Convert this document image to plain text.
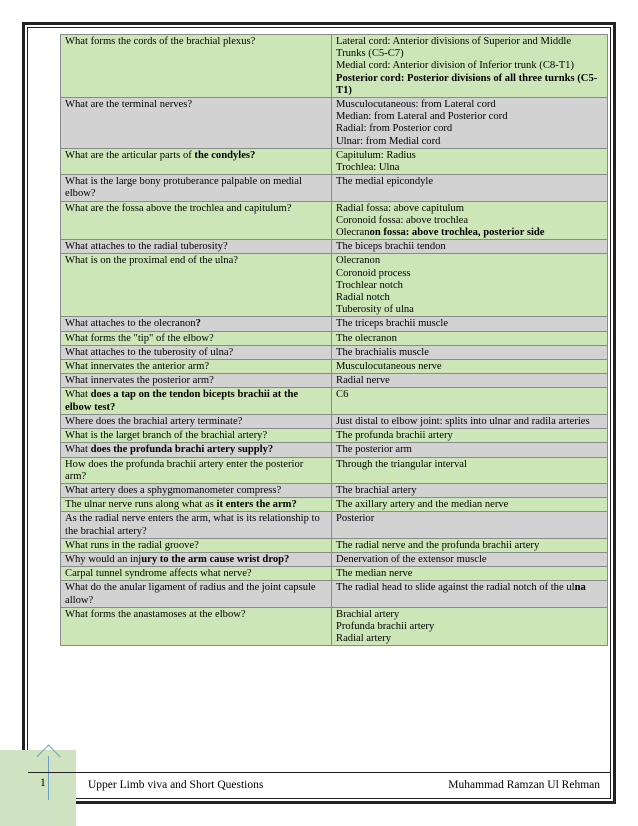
What forms the cords of the brachial plexus?	Lateral cord: Anterior divisions of Superior and Middle Trunks (C5-C7)
Medial cord: Anterior division of Inferior trunk (C8-T1)
Posterior cord: Posterior divisions of all three turnks (C5-T1)

What are the terminal nerves?	Musculocutaneous: from Lateral cord
Median: from Lateral and Posterior cord
Radial: from Posterior cord
Ulnar: from Medial cord

What are the articular parts of the condyles?	Capitulum: Radius
Trochlea: Ulna

What is the large bony protuberance palpable on medial elbow?	The medial epicondyle

What are the fossa above the trochlea and capitulum?	Radial fossa: above capitulum
Coronoid fossa: above trochlea
Olecranon fossa: above trochlea, posterior side

What attaches to the radial tuberosity?	The biceps brachii tendon

What is on the proximal end of the ulna?	Olecranon
Coronoid process
Trochlear notch
Radial notch
Tuberosity of ulna

What attaches to the olecranon?	The triceps brachii muscle

What forms the "tip" of the elbow?	The olecranon

What attaches to the tuberosity of ulna?	The brachialis muscle

What innervates the anterior arm?	Musculocutaneous nerve

What innervates the posterior arm?	Radial nerve

What does a tap on the tendon bicepts brachii at the elbow test?	C6

Where does the brachial artery terminate?	Just distal to elbow joint: splits into ulnar and radila arteries

What is the larget branch of the brachial artery?	The profunda brachii artery

What does the profunda brachi artery supply?	The posterior arm

How does the profunda brachii artery enter the posterior arm?	Through the triangular interval

What artery does a sphygmomanometer compress?	The brachial artery

The ulnar nerve runs along what as it enters the arm?	The axillary artery and the median nerve

As the radial nerve enters the arm, what is its relationship to the brachial artery?	Posterior

What runs in the radial groove?	The radial nerve and the profunda brachii artery

Why would an injury to the arm cause wrist drop?	Denervation of the extensor muscle

Carpal tunnel syndrome affects what nerve?	The median nerve

What do the anular ligament of radius and the joint capsule allow?	The radial head to slide against the radial notch of the ulna

What forms the anastamoses at the elbow?	Brachial artery
Profunda brachii artery
Radial artery
1	Upper Limb viva and Short Questions	Muhammad Ramzan Ul Rehman
